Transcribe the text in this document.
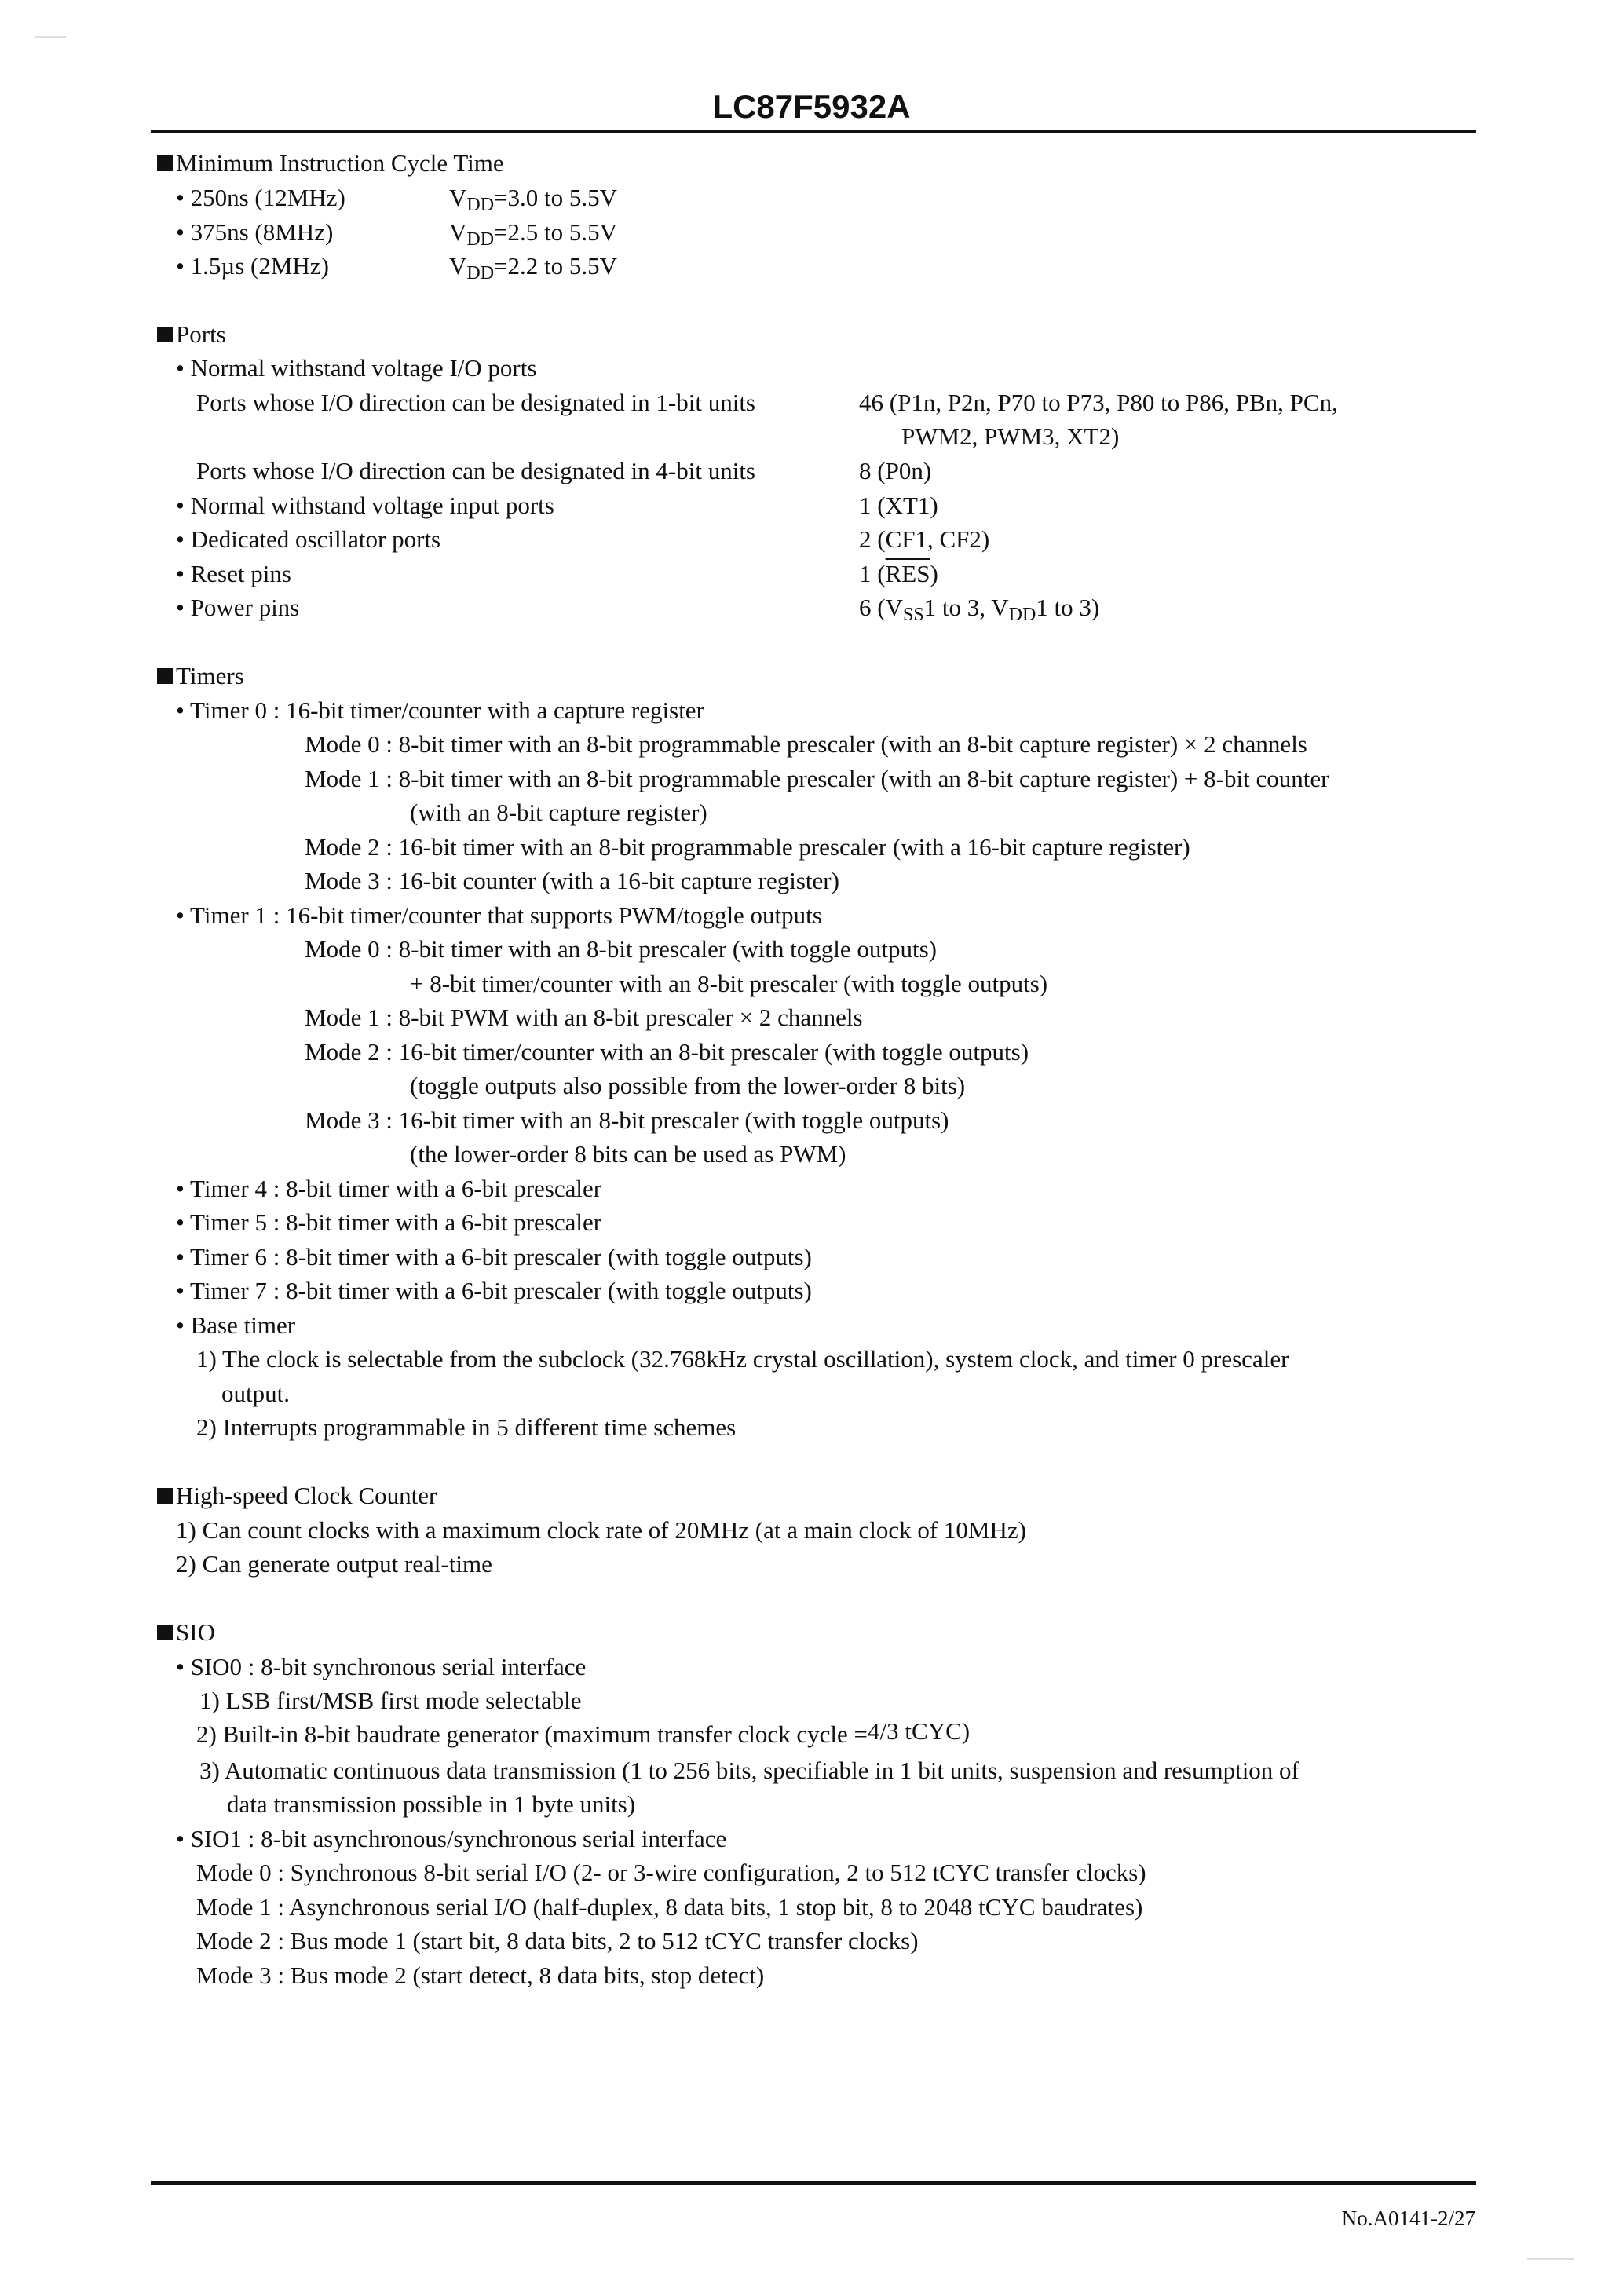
LC87F5932A
Minimum Instruction Cycle Time
• 250ns (12MHz)	VDD=3.0 to 5.5V
• 375ns (8MHz)	VDD=2.5 to 5.5V
• 1.5µs (2MHz)	VDD=2.2 to 5.5V
Ports
• Normal withstand voltage I/O ports
Ports whose I/O direction can be designated in 1-bit units	46 (P1n, P2n, P70 to P73, P80 to P86, PBn, PCn,
PWM2, PWM3, XT2)
Ports whose I/O direction can be designated in 4-bit units	8 (P0n)
• Normal withstand voltage input ports	1 (XT1)
• Dedicated oscillator ports	2 (CF1, CF2)
• Reset pins	1 $(\overline{RES})$
• Power pins	6 (VSS1 to 3, VDD1 to 3)
Timers
• Timer 0 : 16-bit timer/counter with a capture register
Mode 0 : 8-bit timer with an 8-bit programmable prescaler (with an 8-bit capture register) × 2 channels
Mode 1 : 8-bit timer with an 8-bit programmable prescaler (with an 8-bit capture register) + 8-bit counter
(with an 8-bit capture register)
Mode 2 : 16-bit timer with an 8-bit programmable prescaler (with a 16-bit capture register)
Mode 3 : 16-bit counter (with a 16-bit capture register)
• Timer 1 : 16-bit timer/counter that supports PWM/toggle outputs
Mode 0 : 8-bit timer with an 8-bit prescaler (with toggle outputs)
+ 8-bit timer/counter with an 8-bit prescaler (with toggle outputs)
Mode 1 : 8-bit PWM with an 8-bit prescaler × 2 channels
Mode 2 : 16-bit timer/counter with an 8-bit prescaler (with toggle outputs)
(toggle outputs also possible from the lower-order 8 bits)
Mode 3 : 16-bit timer with an 8-bit prescaler (with toggle outputs)
(the lower-order 8 bits can be used as PWM)
• Timer 4 : 8-bit timer with a 6-bit prescaler
• Timer 5 : 8-bit timer with a 6-bit prescaler
• Timer 6 : 8-bit timer with a 6-bit prescaler (with toggle outputs)
• Timer 7 : 8-bit timer with a 6-bit prescaler (with toggle outputs)
• Base timer
1) The clock is selectable from the subclock (32.768kHz crystal oscillation), system clock, and timer 0 prescaler
output.
2) Interrupts programmable in 5 different time schemes
High-speed Clock Counter
1) Can count clocks with a maximum clock rate of 20MHz (at a main clock of 10MHz)
2) Can generate output real-time
SIO
• SIO0 : 8-bit synchronous serial interface
1) LSB first/MSB first mode selectable
2) Built-in 8-bit baudrate generator (maximum transfer clock cycle =4/3 tCYC)
3) Automatic continuous data transmission (1 to 256 bits, specifiable in 1 bit units, suspension and resumption of
data transmission possible in 1 byte units)
• SIO1 : 8-bit asynchronous/synchronous serial interface
Mode 0 : Synchronous 8-bit serial I/O (2- or 3-wire configuration, 2 to 512 tCYC transfer clocks)
Mode 1 : Asynchronous serial I/O (half-duplex, 8 data bits, 1 stop bit, 8 to 2048 tCYC baudrates)
Mode 2 : Bus mode 1 (start bit, 8 data bits, 2 to 512 tCYC transfer clocks)
Mode 3 : Bus mode 2 (start detect, 8 data bits, stop detect)
No.A0141-2/27
